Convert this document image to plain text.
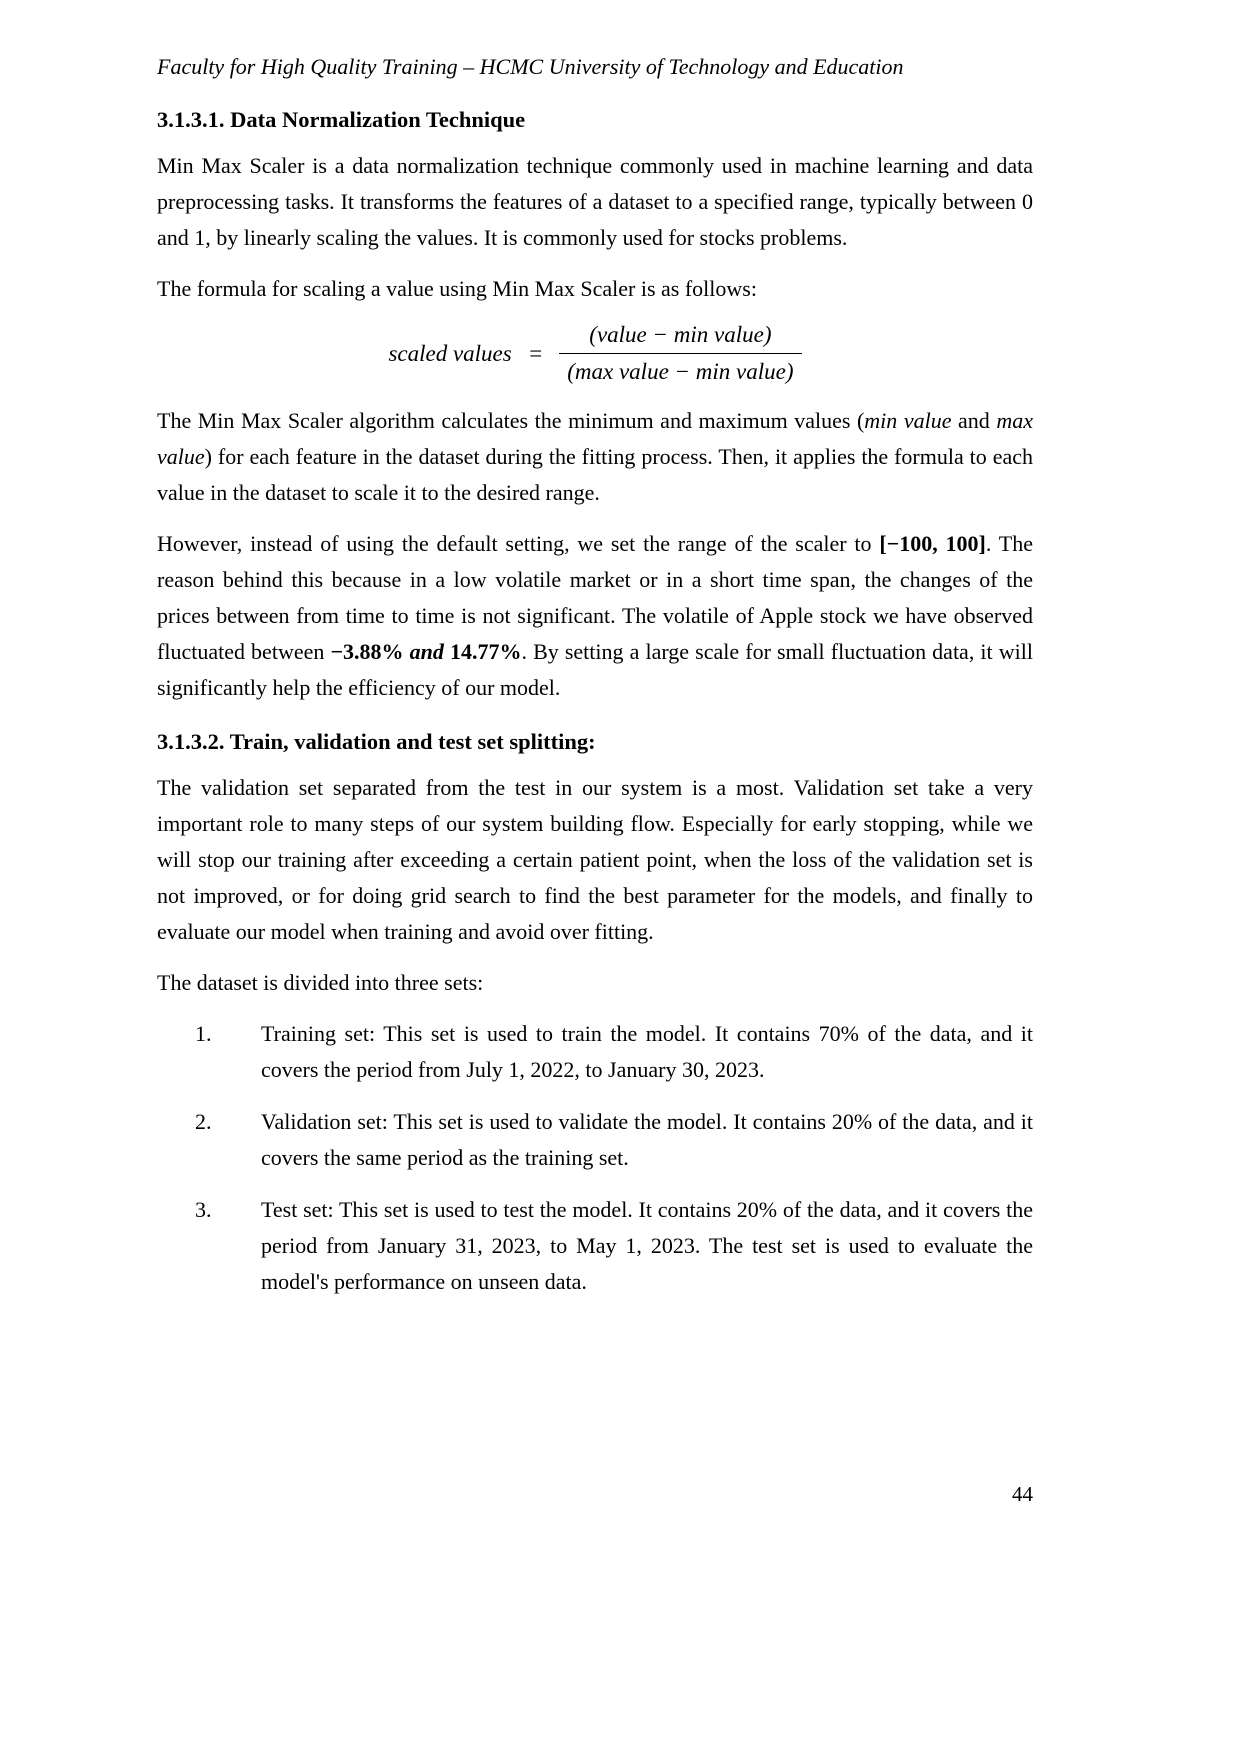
Faculty for High Quality Training – HCMC University of Technology and Education
3.1.3.1. Data Normalization Technique

Min Max Scaler is a data normalization technique commonly used in machine learning and data preprocessing tasks. It transforms the features of a dataset to a specified range, typically between 0 and 1, by linearly scaling the values. It is commonly used for stocks problems.

The formula for scaling a value using Min Max Scaler is as follows:

scaled values = $\frac{\text{(value − min value)}}{\text{(max value − min value)}}$

The Min Max Scaler algorithm calculates the minimum and maximum values (min value and max value) for each feature in the dataset during the fitting process. Then, it applies the formula to each value in the dataset to scale it to the desired range.

However, instead of using the default setting, we set the range of the scaler to [−100, 100]. The reason behind this because in a low volatile market or in a short time span, the changes of the prices between from time to time is not significant. The volatile of Apple stock we have observed fluctuated between −3.88% and 14.77%. By setting a large scale for small fluctuation data, it will significantly help the efficiency of our model.

3.1.3.2. Train, validation and test set splitting:

The validation set separated from the test in our system is a most. Validation set take a very important role to many steps of our system building flow. Especially for early stopping, while we will stop our training after exceeding a certain patient point, when the loss of the validation set is not improved, or for doing grid search to find the best parameter for the models, and finally to evaluate our model when training and avoid over fitting.

The dataset is divided into three sets:

1.	Training set: This set is used to train the model. It contains 70% of the data, and it covers the period from July 1, 2022, to January 30, 2023.
2.	Validation set: This set is used to validate the model. It contains 20% of the data, and it covers the same period as the training set.
3.	Test set: This set is used to test the model. It contains 20% of the data, and it covers the period from January 31, 2023, to May 1, 2023. The test set is used to evaluate the model's performance on unseen data.
44
